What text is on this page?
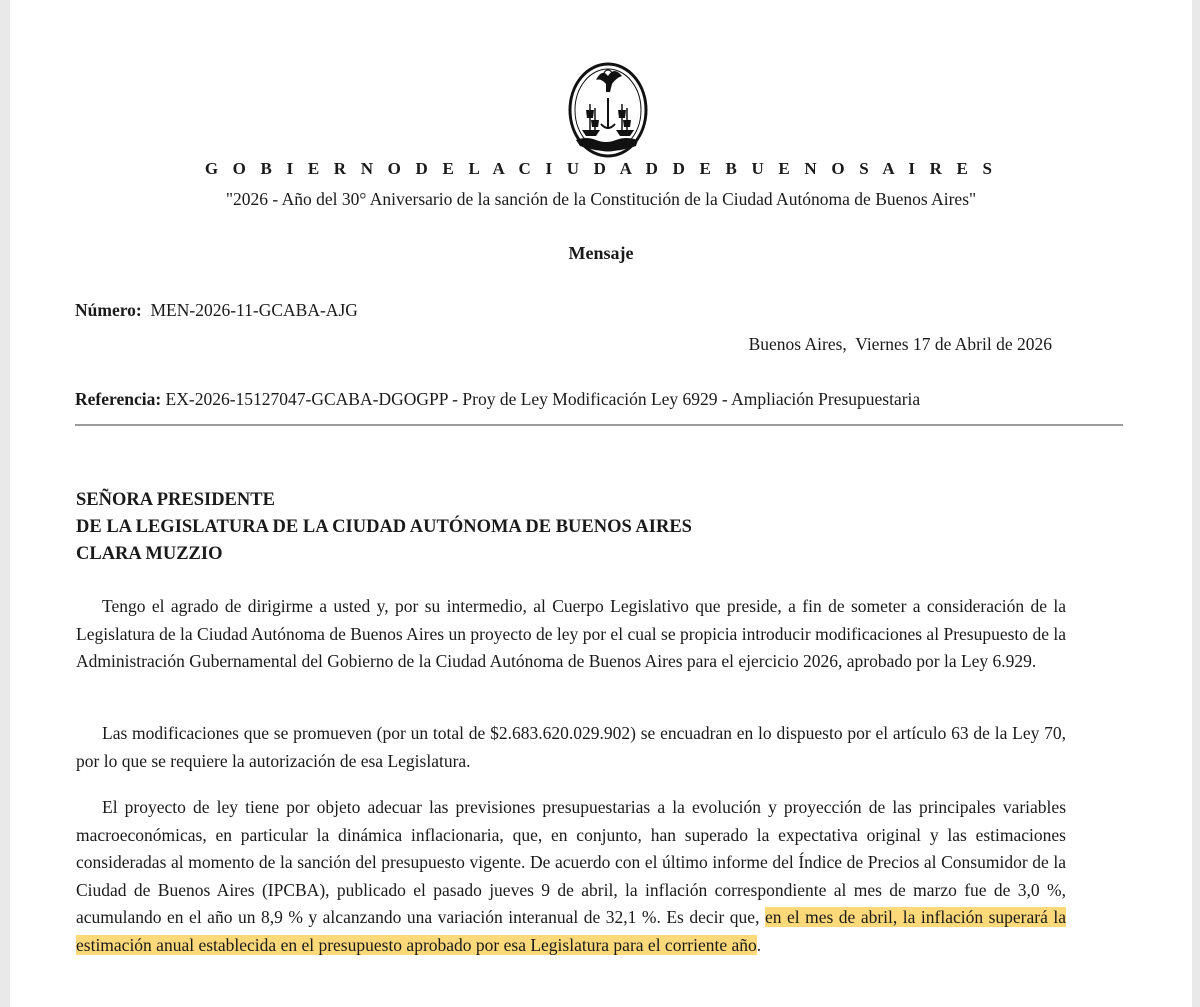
G O B I E R N O D E L A C I U D A D D E B U E N O S A I R E S
"2026 - Año del 30° Aniversario de la sanción de la Constitución de la Ciudad Autónoma de Buenos Aires"
Mensaje
Número: MEN-2026-11-GCABA-AJG
Buenos Aires,  Viernes 17 de Abril de 2026
Referencia: EX-2026-15127047-GCABA-DGOGPP - Proy de Ley Modificación Ley 6929 - Ampliación Presupuestaria
SEÑORA PRESIDENTE
DE LA LEGISLATURA DE LA CIUDAD AUTÓNOMA DE BUENOS AIRES
CLARA MUZZIO
Tengo el agrado de dirigirme a usted y, por su intermedio, al Cuerpo Legislativo que preside, a fin de someter a consideración de la Legislatura de la Ciudad Autónoma de Buenos Aires un proyecto de ley por el cual se propicia introducir modificaciones al Presupuesto de la Administración Gubernamental del Gobierno de la Ciudad Autónoma de Buenos Aires para el ejercicio 2026, aprobado por la Ley 6.929.
Las modificaciones que se promueven (por un total de $2.683.620.029.902) se encuadran en lo dispuesto por el artículo 63 de la Ley 70, por lo que se requiere la autorización de esa Legislatura.
El proyecto de ley tiene por objeto adecuar las previsiones presupuestarias a la evolución y proyección de las principales variables macroeconómicas, en particular la dinámica inflacionaria, que, en conjunto, han superado la expectativa original y las estimaciones consideradas al momento de la sanción del presupuesto vigente. De acuerdo con el último informe del Índice de Precios al Consumidor de la Ciudad de Buenos Aires (IPCBA), publicado el pasado jueves 9 de abril, la inflación correspondiente al mes de marzo fue de 3,0 %, acumulando en el año un 8,9 % y alcanzando una variación interanual de 32,1 %. Es decir que, en el mes de abril, la inflación superará la estimación anual establecida en el presupuesto aprobado por esa Legislatura para el corriente año.
